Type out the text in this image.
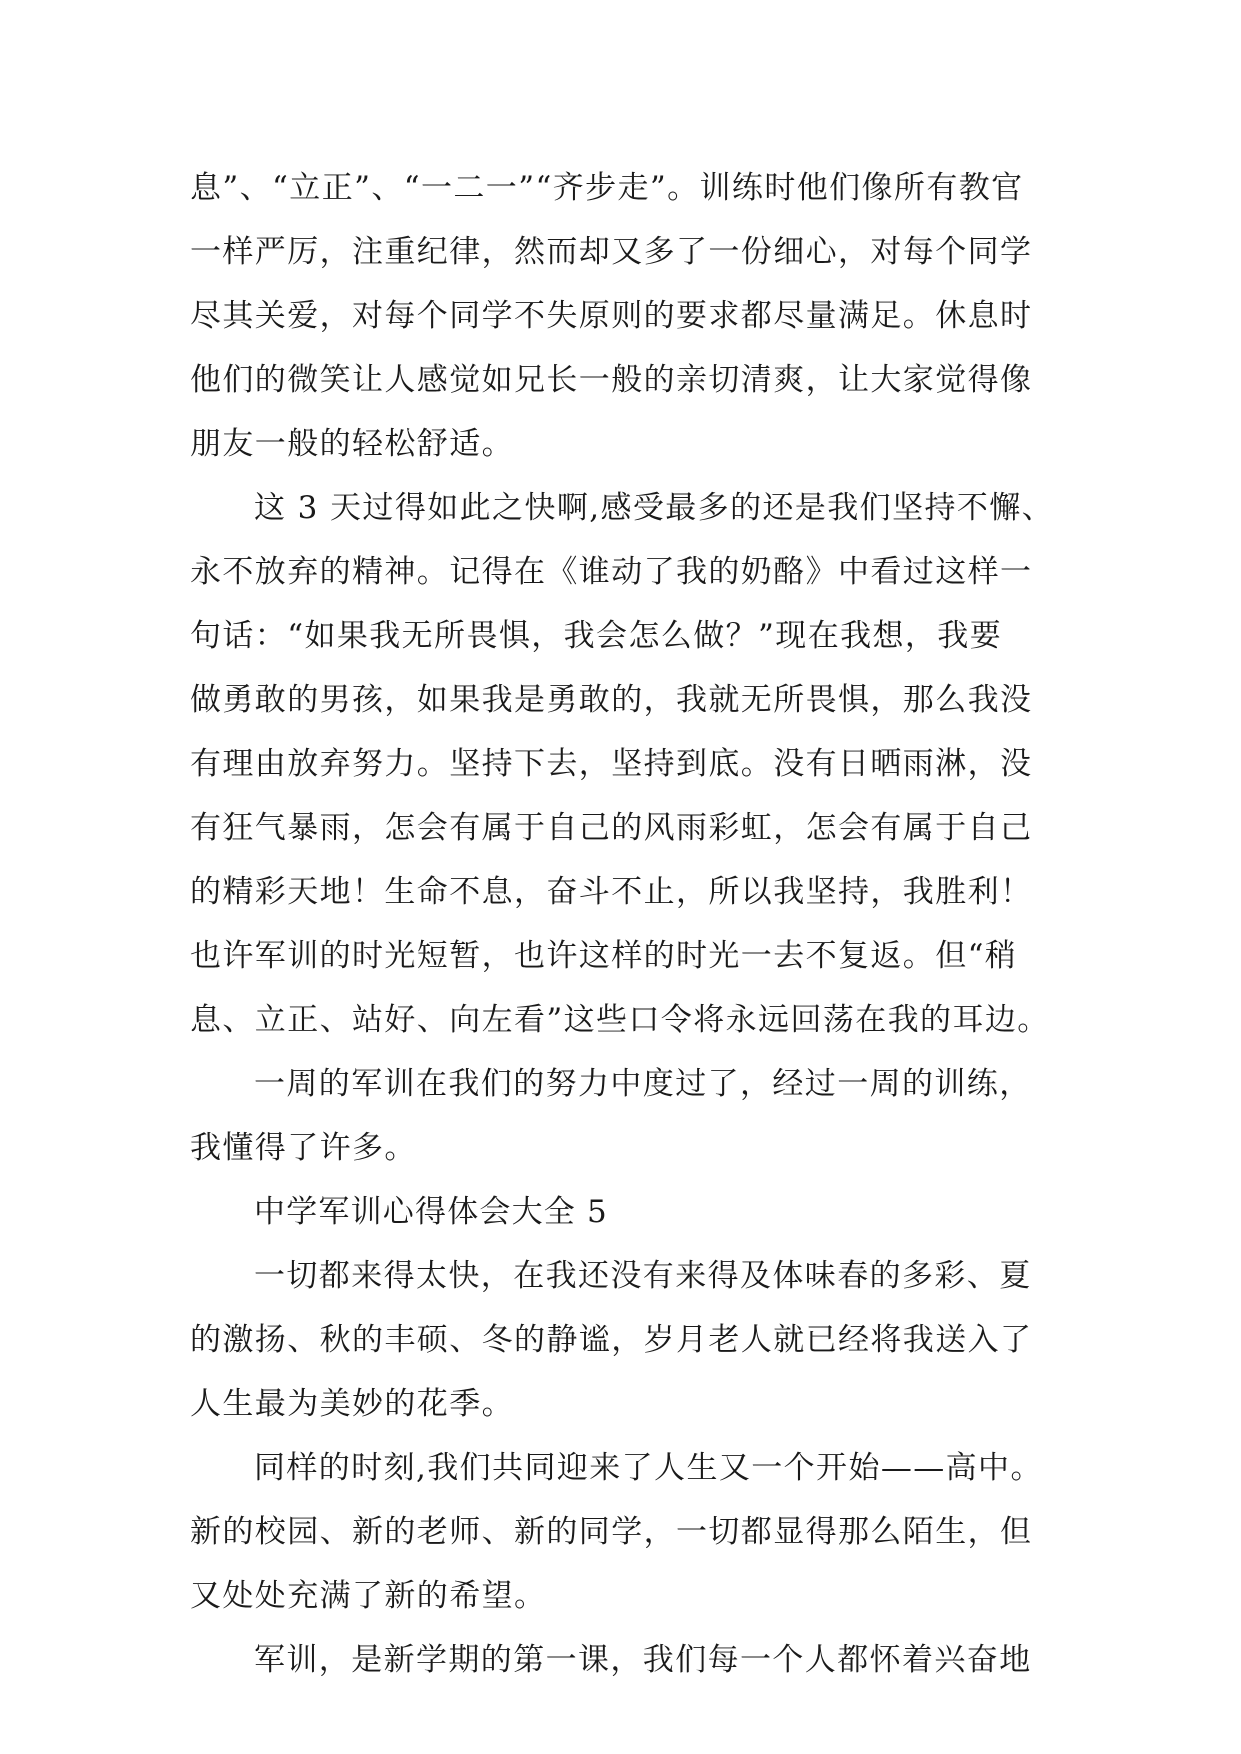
息”、“立正”、“一二一”“齐步走”。训练时他们像所有教官
一样严厉，注重纪律，然而却又多了一份细心，对每个同学
尽其关爱，对每个同学不失原则的要求都尽量满足。休息时
他们的微笑让人感觉如兄长一般的亲切清爽，让大家觉得像
朋友一般的轻松舒适。
这 3 天过得如此之快啊,感受最多的还是我们坚持不懈、
永不放弃的精神。记得在《谁动了我的奶酪》中看过这样一
句话：“如果我无所畏惧，我会怎么做？”现在我想，我要
做勇敢的男孩，如果我是勇敢的，我就无所畏惧，那么我没
有理由放弃努力。坚持下去，坚持到底。没有日晒雨淋，没
有狂气暴雨，怎会有属于自己的风雨彩虹，怎会有属于自己
的精彩天地！生命不息，奋斗不止，所以我坚持，我胜利！
也许军训的时光短暂，也许这样的时光一去不复返。但“稍
息、立正、站好、向左看”这些口令将永远回荡在我的耳边。
一周的军训在我们的努力中度过了，经过一周的训练，
我懂得了许多。
中学军训心得体会大全 5
一切都来得太快，在我还没有来得及体味春的多彩、夏
的激扬、秋的丰硕、冬的静谧，岁月老人就已经将我送入了
人生最为美妙的花季。
同样的时刻,我们共同迎来了人生又一个开始——高中。
新的校园、新的老师、新的同学，一切都显得那么陌生，但
又处处充满了新的希望。
军训，是新学期的第一课，我们每一个人都怀着兴奋地
